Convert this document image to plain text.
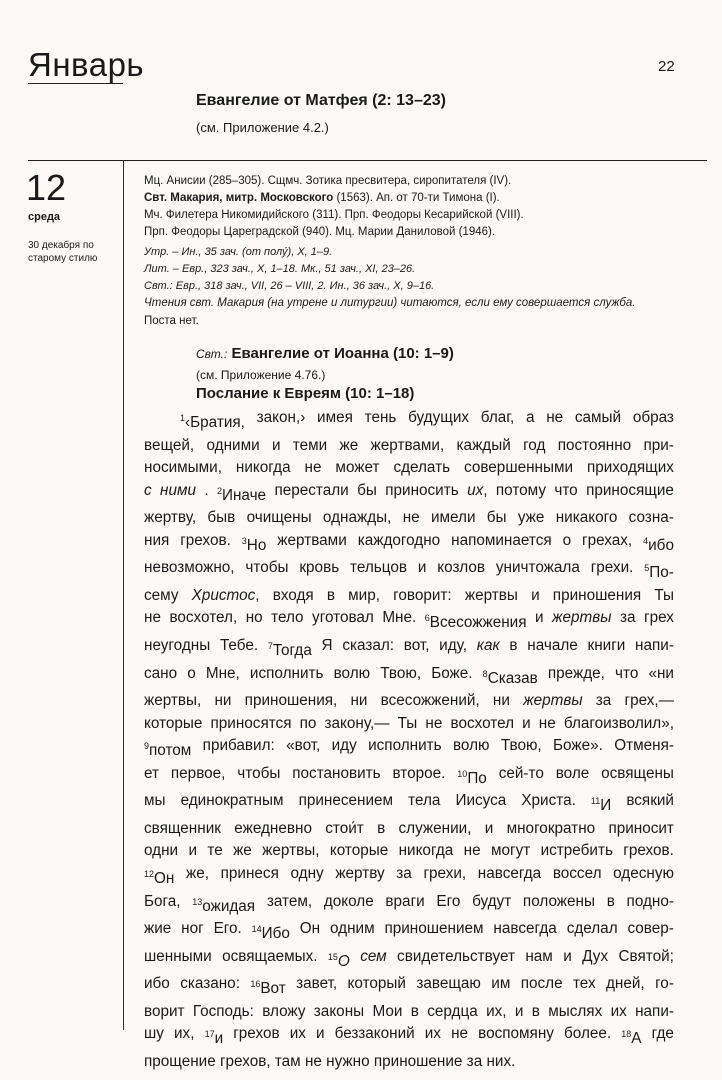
Январь	22
Евангелие от Матфея (2: 13–23)
(см. Приложение 4.2.)
12
среда
30 декабря по старому стилю
Мц. Анисии (285–305). Сщмч. Зотика пресвитера, сиропитателя (IV).
Свт. Макария, митр. Московского (1563). Ап. от 70-ти Тимона (I).
Мч. Филетера Никомидийского (311). Прп. Феодоры Кесарийской (VIII).
Прп. Феодоры Цареградской (940). Мц. Марии Даниловой (1946).
Утр. – Ин., 35 зач. (от полу́), X, 1–9.
Лит. – Евр., 323 зач., X, 1–18. Мк., 51 зач., XI, 23–26.
Свт.: Евр., 318 зач., VII, 26 – VIII, 2. Ин., 36 зач., X, 9–16.
Чтения свт. Макария (на утрене и литургии) читаются, если ему совершается служба.
Поста нет.
Свт.: Евангелие от Иоанна (10: 1–9)
(см. Приложение 4.76.)
Послание к Евреям (10: 1–18)
$^1$‹Братия, закон,› имея тень будущих благ, а не самый образ
вещей, одними и теми же жертвами, каждый год постоянно при-
носимыми, никогда не может сделать совершенными приходящих
с ними . $^2$Иначе перестали бы приносить их, потому что приносящие
жертву, быв очищены однажды, не имели бы уже никакого созна-
ния грехов. $^3$Но жертвами каждогодно напоминается о грехах, $^4$ибо
невозможно, чтобы кровь тельцов и козлов уничтожала грехи. $^5$По-
сему Христос, входя в мир, говорит: жертвы и приношения Ты
не восхотел, но тело уготовал Мне. $^6$Всесожжения и жертвы за грех
неугодны Тебе. $^7$Тогда Я сказал: вот, иду, как в начале книги напи-
сано о Мне, исполнить волю Твою, Боже. $^8$Сказав прежде, что «ни
жертвы, ни приношения, ни всесожжений, ни жертвы за грех,—
которые приносятся по закону,— Ты не восхотел и не благоизволил»,
$^9$потом прибавил: «вот, иду исполнить волю Твою, Боже». Отменя-
ет первое, чтобы постановить второе. $^{10}$По сей-то воле освящены
мы единократным принесением тела Иисуса Христа. $^{11}$И всякий
священник ежедневно стои́т в служении, и многократно приносит
одни и те же жертвы, которые никогда не могут истребить грехов.
$^{12}$Он же, принеся одну жертву за грехи, навсегда воссел одесную
Бога, $^{13}$ожидая затем, доколе враги Его будут положены в подно-
жие ног Его. $^{14}$Ибо Он одним приношением навсегда сделал совер-
шенными освящаемых. $^{15}$О сем свидетельствует нам и Дух Святой;
ибо сказано: $^{16}$Вот завет, который завещаю им после тех дней, го-
ворит Господь: вложу законы Мои в сердца их, и в мыслях их напи-
шу их, $^{17}$и грехов их и беззаконий их не воспомяну более. $^{18}$А где
прощение грехов, там не нужно приношение за них.
